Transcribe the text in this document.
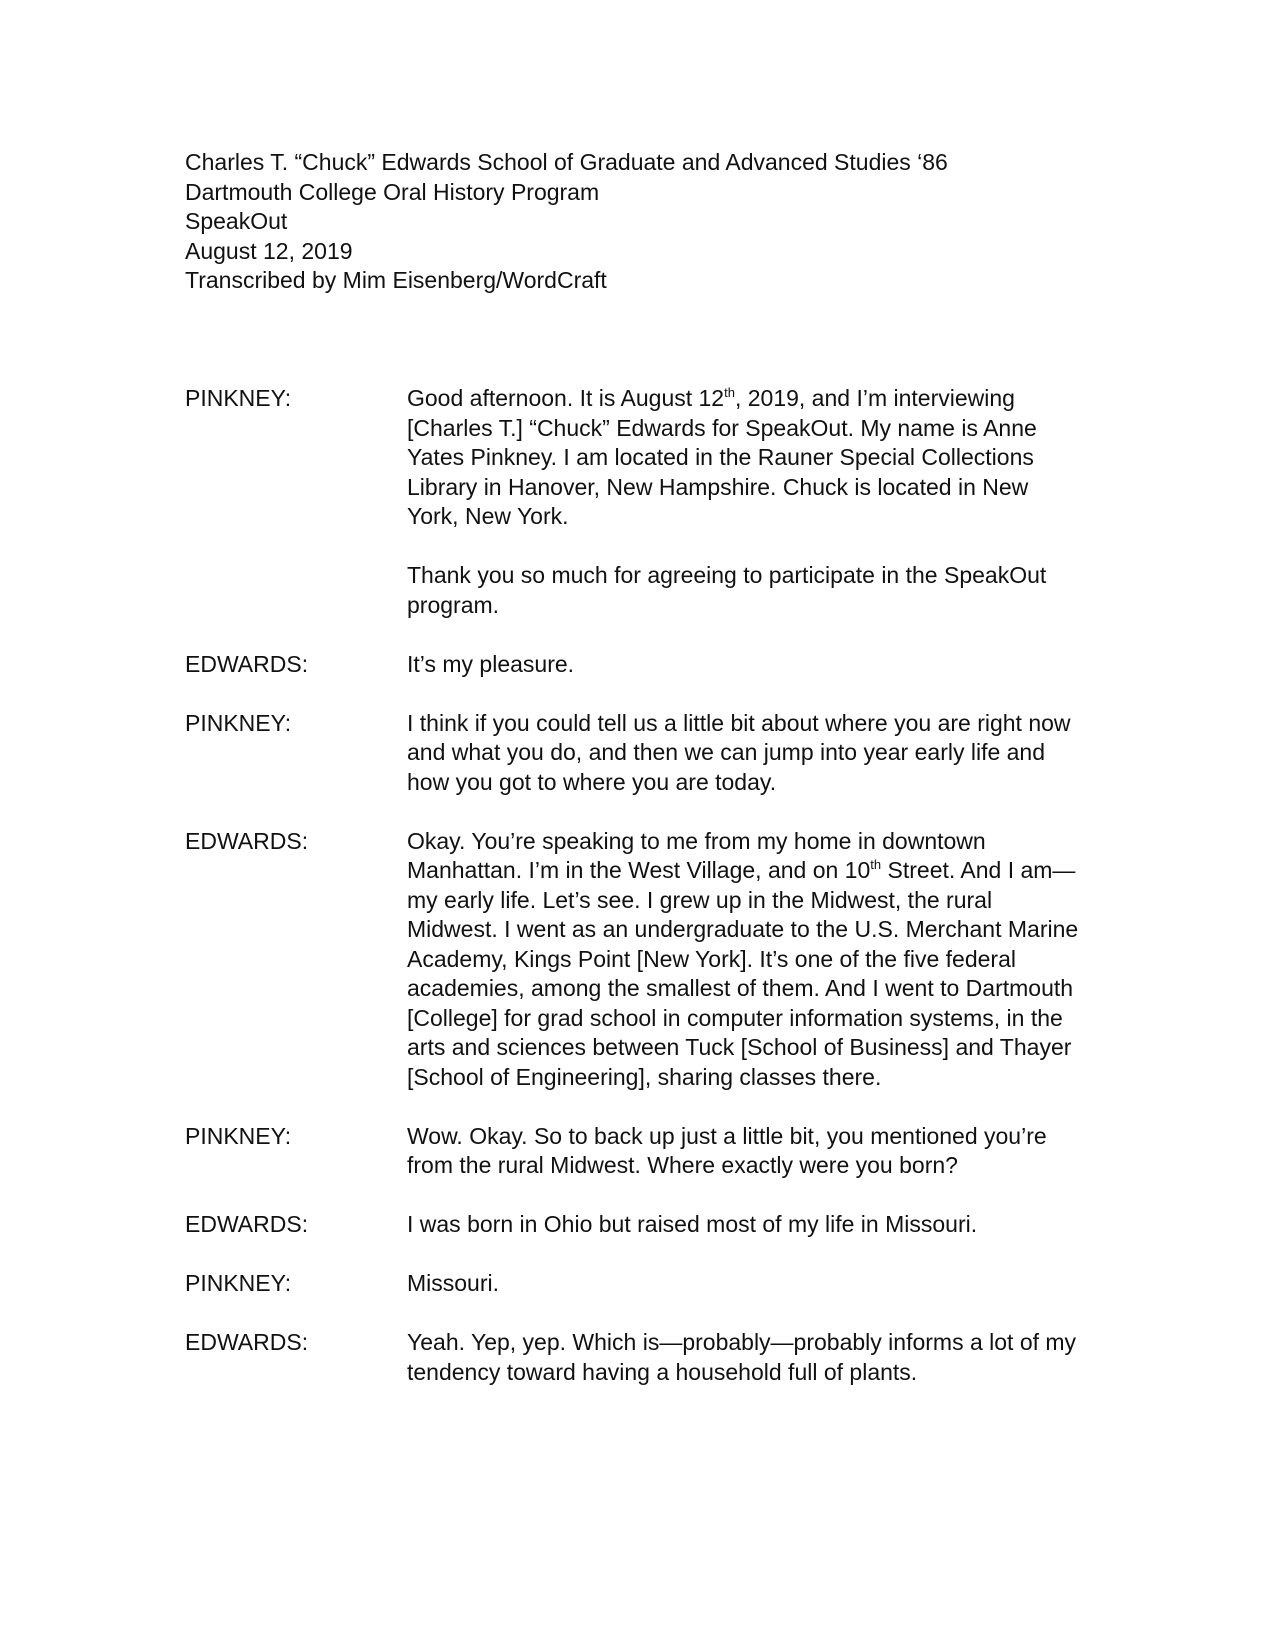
Charles T. “Chuck” Edwards School of Graduate and Advanced Studies ‘86
Dartmouth College Oral History Program
SpeakOut
August 12, 2019
Transcribed by Mim Eisenberg/WordCraft
PINKNEY:	Good afternoon. It is August 12th, 2019, and I’m interviewing [Charles T.] “Chuck” Edwards for SpeakOut. My name is Anne Yates Pinkney. I am located in the Rauner Special Collections Library in Hanover, New Hampshire. Chuck is located in New York, New York.

Thank you so much for agreeing to participate in the SpeakOut program.

EDWARDS:	It’s my pleasure.

PINKNEY:	I think if you could tell us a little bit about where you are right now and what you do, and then we can jump into year early life and how you got to where you are today.

EDWARDS:	Okay. You’re speaking to me from my home in downtown Manhattan. I’m in the West Village, and on 10th Street. And I am—my early life. Let’s see. I grew up in the Midwest, the rural Midwest. I went as an undergraduate to the U.S. Merchant Marine Academy, Kings Point [New York]. It’s one of the five federal academies, among the smallest of them. And I went to Dartmouth [College] for grad school in computer information systems, in the arts and sciences between Tuck [School of Business] and Thayer [School of Engineering], sharing classes there.

PINKNEY:	Wow. Okay. So to back up just a little bit, you mentioned you’re from the rural Midwest. Where exactly were you born?

EDWARDS:	I was born in Ohio but raised most of my life in Missouri.

PINKNEY:	Missouri.

EDWARDS:	Yeah. Yep, yep. Which is—probably—probably informs a lot of my tendency toward having a household full of plants.
